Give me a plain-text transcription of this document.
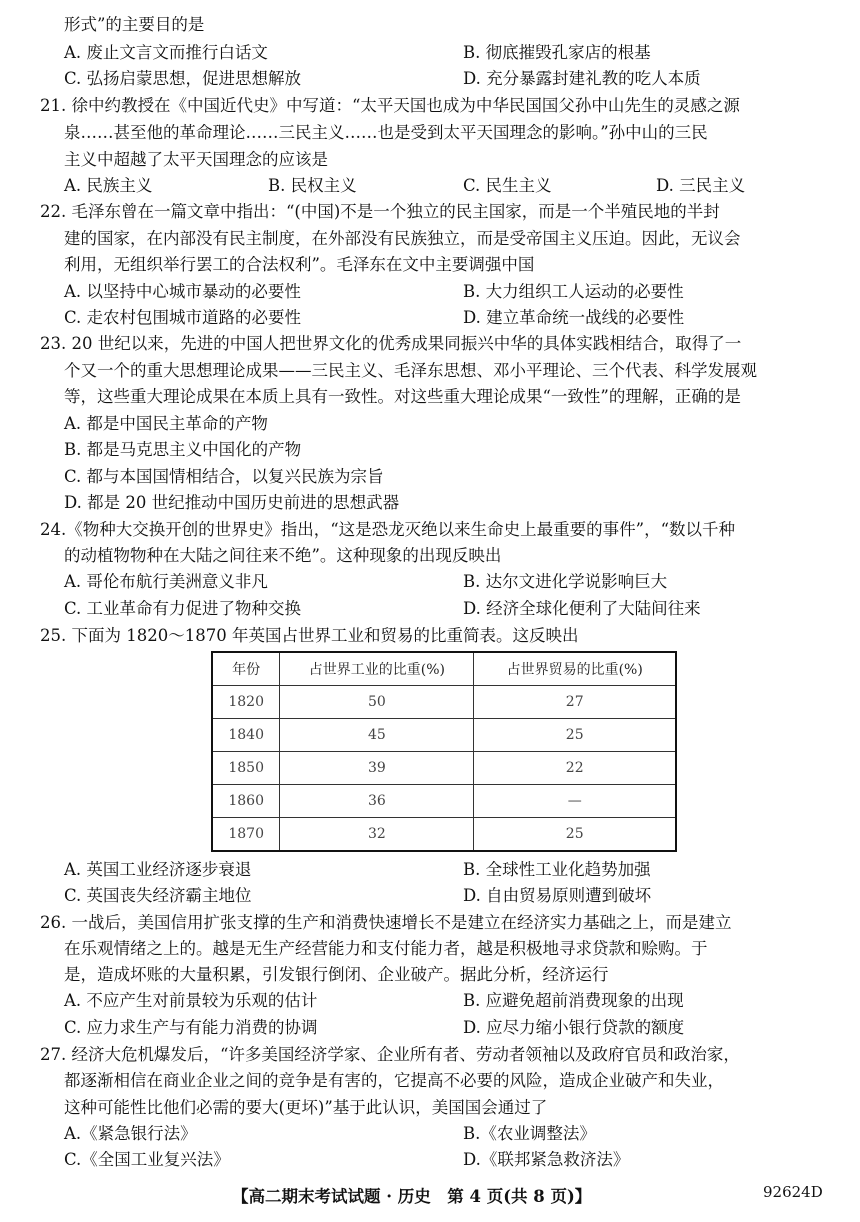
形式”的主要目的是
A. 废止文言文而推行白话文	B. 彻底摧毁孔家店的根基
C. 弘扬启蒙思想，促进思想解放	D. 充分暴露封建礼教的吃人本质
21. 徐中约教授在《中国近代史》中写道：“太平天国也成为中华民国国父孙中山先生的灵感之源
泉……甚至他的革命理论……三民主义……也是受到太平天国理念的影响。”孙中山的三民
主义中超越了太平天国理念的应该是
A. 民族主义	B. 民权主义	C. 民生主义	D. 三民主义
22. 毛泽东曾在一篇文章中指出：“(中国)不是一个独立的民主国家，而是一个半殖民地的半封
建的国家，在内部没有民主制度，在外部没有民族独立，而是受帝国主义压迫。因此，无议会
利用，无组织举行罢工的合法权利”。毛泽东在文中主要调强中国
A. 以坚持中心城市暴动的必要性	B. 大力组织工人运动的必要性
C. 走农村包围城市道路的必要性	D. 建立革命统一战线的必要性
23. 20 世纪以来，先进的中国人把世界文化的优秀成果同振兴中华的具体实践相结合，取得了一
个又一个的重大思想理论成果——三民主义、毛泽东思想、邓小平理论、三个代表、科学发展观
等，这些重大理论成果在本质上具有一致性。对这些重大理论成果“一致性”的理解，正确的是
A. 都是中国民主革命的产物
B. 都是马克思主义中国化的产物
C. 都与本国国情相结合，以复兴民族为宗旨
D. 都是 20 世纪推动中国历史前进的思想武器
24.《物种大交换开创的世界史》指出，“这是恐龙灭绝以来生命史上最重要的事件”，“数以千种
的动植物物种在大陆之间往来不绝”。这种现象的出现反映出
A. 哥伦布航行美洲意义非凡	B. 达尔文进化学说影响巨大
C. 工业革命有力促进了物种交换	D. 经济全球化便利了大陆间往来
25. 下面为 1820～1870 年英国占世界工业和贸易的比重简表。这反映出
年份	占世界工业的比重(%)	占世界贸易的比重(%)
1820	50	27
1840	45	25
1850	39	22
1860	36	—
1870	32	25
A. 英国工业经济逐步衰退	B. 全球性工业化趋势加强
C. 英国丧失经济霸主地位	D. 自由贸易原则遭到破坏
26. 一战后，美国信用扩张支撑的生产和消费快速增长不是建立在经济实力基础之上，而是建立
在乐观情绪之上的。越是无生产经营能力和支付能力者，越是积极地寻求贷款和赊购。于
是，造成坏账的大量积累，引发银行倒闭、企业破产。据此分析，经济运行
A. 不应产生对前景较为乐观的估计	B. 应避免超前消费现象的出现
C. 应力求生产与有能力消费的协调	D. 应尽力缩小银行贷款的额度
27. 经济大危机爆发后，“许多美国经济学家、企业所有者、劳动者领袖以及政府官员和政治家，
都逐渐相信在商业企业之间的竞争是有害的，它提高不必要的风险，造成企业破产和失业，
这种可能性比他们必需的要大(更坏)”基于此认识，美国国会通过了
A.《紧急银行法》	B.《农业调整法》
C.《全国工业复兴法》	D.《联邦紧急救济法》
【高二期末考试试题 · 历史　第 4 页(共 8 页)】	92624D
